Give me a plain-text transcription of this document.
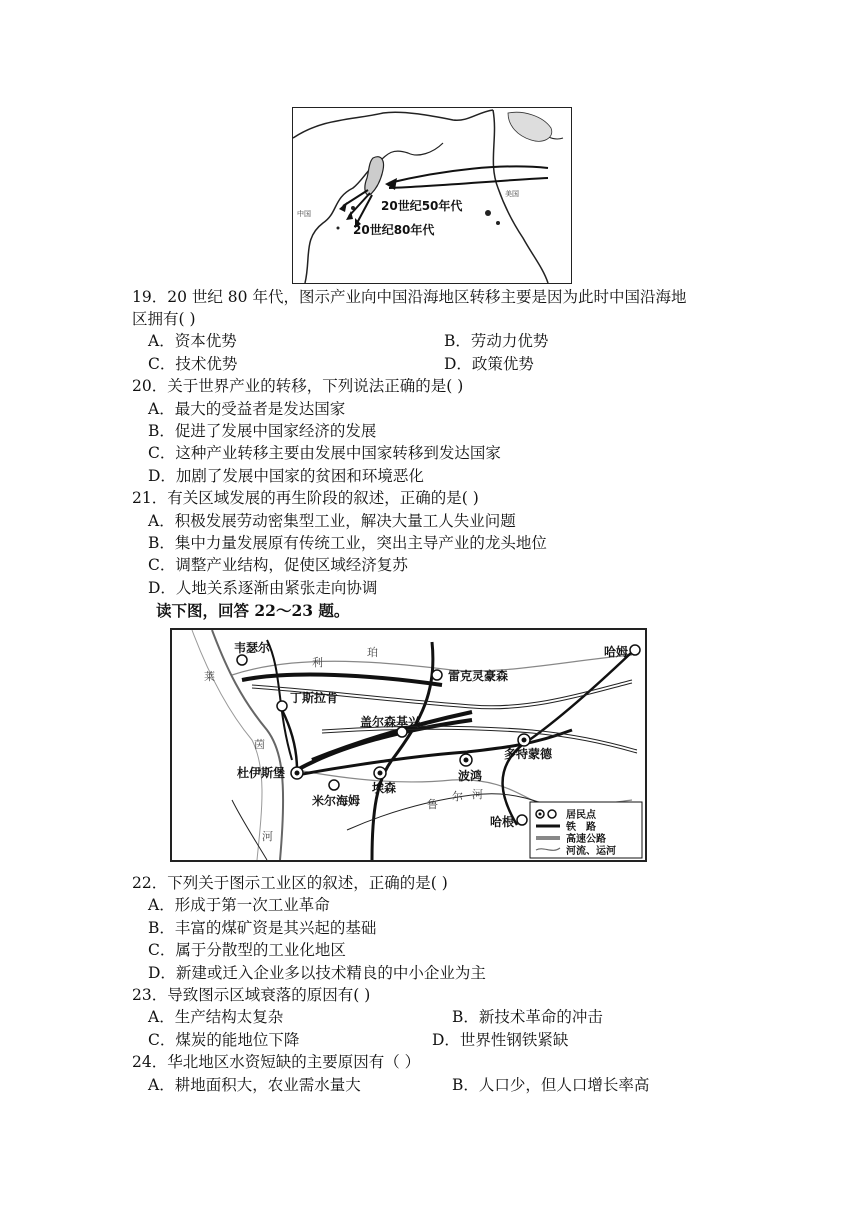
20世纪50年代
20世纪80年代
中国
美国
19．20 世纪 80 年代，图示产业向中国沿海地区转移主要是因为此时中国沿海地
区拥有( )
A．资本优势	B．劳动力优势
C．技术优势	D．政策优势
20．关于世界产业的转移，下列说法正确的是( )
A．最大的受益者是发达国家
B．促进了发展中国家经济的发展
C．这种产业转移主要由发展中国家转移到发达国家
D．加剧了发展中国家的贫困和环境恶化
21．有关区域发展的再生阶段的叙述，正确的是( )
A．积极发展劳动密集型工业，解决大量工人失业问题
B．集中力量发展原有传统工业，突出主导产业的龙头地位
C．调整产业结构，促使区域经济复苏
D．人地关系逐渐由紧张走向协调
读下图，回答 22～23 题。
韦瑟尔
雷克灵豪森
哈姆
丁斯拉肯
盖尔森基兴
杜伊斯堡
米尔海姆
埃森
波鸿
多特蒙德
哈根
莱
茵
河
利
珀
鲁
尔 河
居民点
铁　路
高速公路
河流、运河
22．下列关于图示工业区的叙述，正确的是( )
A．形成于第一次工业革命
B．丰富的煤矿资是其兴起的基础
C．属于分散型的工业化地区
D．新建或迁入企业多以技术精良的中小企业为主
23．导致图示区域衰落的原因有( )
A．生产结构太复杂	B．新技术革命的冲击
C．煤炭的能地位下降	D．世界性钢铁紧缺
24．华北地区水资短缺的主要原因有（ ）
A．耕地面积大，农业需水量大	B．人口少，但人口增长率高
